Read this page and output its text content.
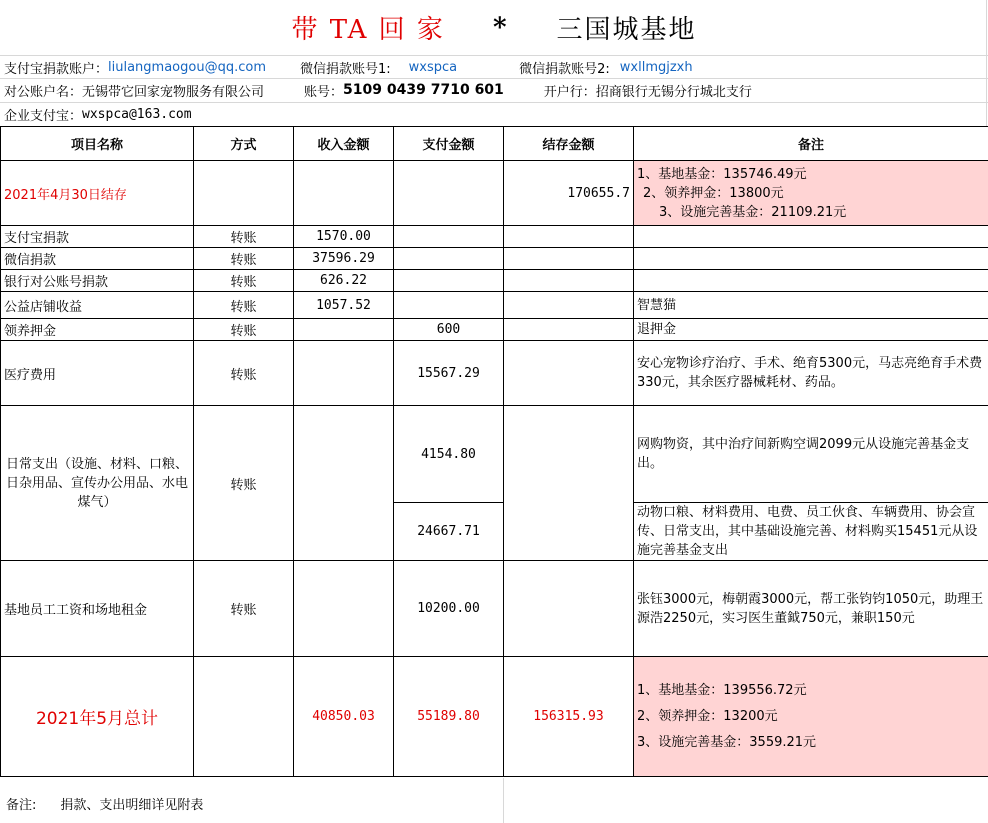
带 TA 回 家 * 三国城基地
支付宝捐款账户： liulangmaogou@qq.com	微信捐款账号1: wxspca	微信捐款账号2: wxllmgjzxh
对公账户名： 无锡带它回家宠物服务有限公司	账号： 5109 0439 7710 601	开户行： 招商银行无锡分行城北支行
企业支付宝： wxspca@163.com
项目名称	方式	收入金额	支付金额	结存金额	备注
2021年4月30日结存				170655.7	1、基地基金：135746.49元
2、领养押金：13800元
3、设施完善基金：21109.21元

支付宝捐款	转账	1570.00			
微信捐款	转账	37596.29			
银行对公账号捐款	转账	626.22			
公益店铺收益	转账	1057.52			智慧猫
领养押金	转账		600		退押金
医疗费用	转账		15567.29		安心宠物诊疗治疗、手术、绝育5300元，马志亮绝育手术费330元，其余医疗器械耗材、药品。
日常支出（设施、材料、口粮、日杂用品、宣传办公用品、水电煤气）	转账		4154.80		网购物资，其中治疗间新购空调2099元从设施完善基金支出。
			24667.71		动物口粮、材料费用、电费、员工伙食、车辆费用、协会宣传、日常支出，其中基础设施完善、材料购买15451元从设施完善基金支出
基地员工工资和场地租金	转账		10200.00		张钰3000元，梅朝霞3000元，帮工张钧钧1050元，助理王源浩2250元，实习医生董鉞750元，兼职150元
2021年5月总计		40850.03	55189.80	156315.93	1、基地基金：139556.72元
2、领养押金：13200元
3、设施完善基金：3559.21元
备注: 捐款、支出明细详见附表
